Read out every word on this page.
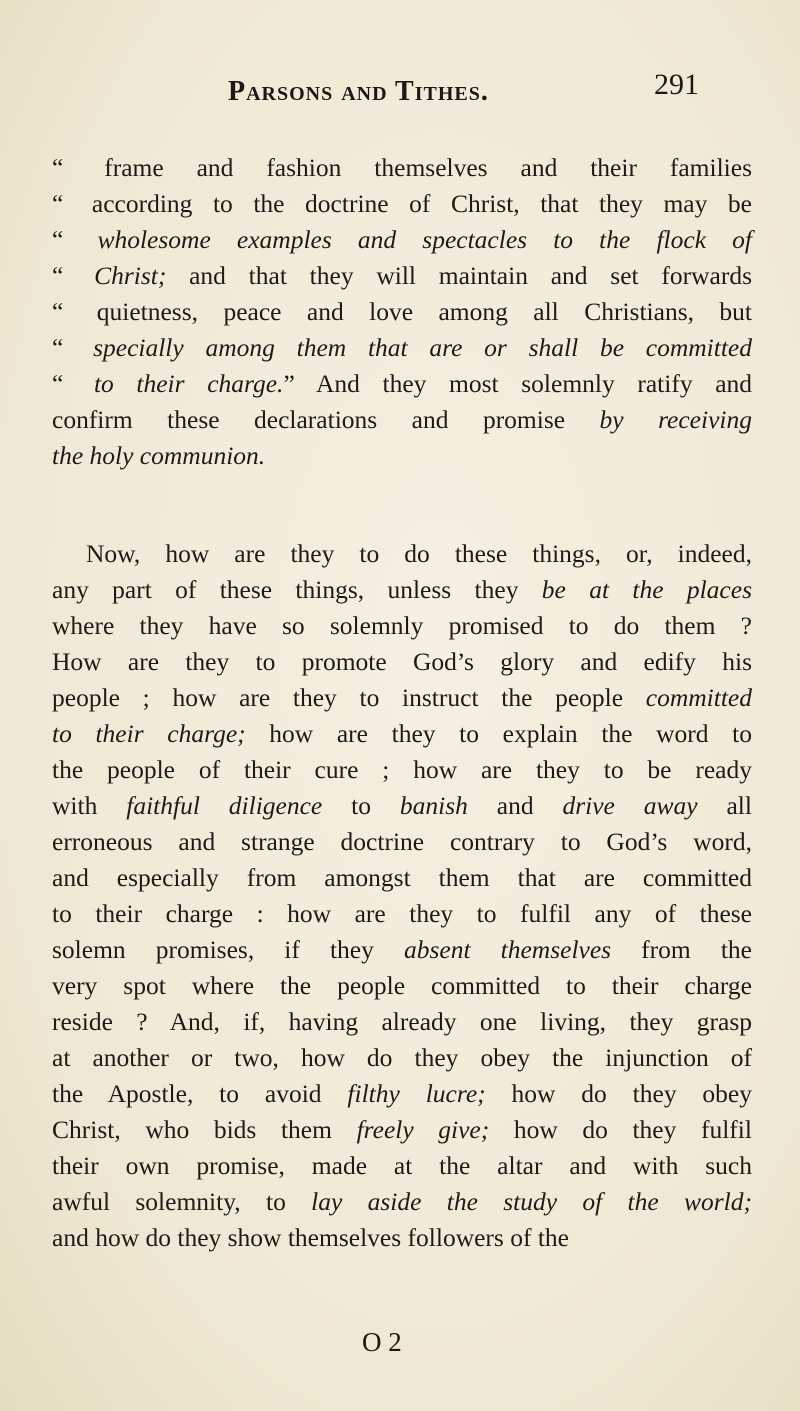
Parsons and Tithes.	291
“ frame and fashion themselves and their families
“ according to the doctrine of Christ, that they may be
“ wholesome examples and spectacles to the flock of
“ Christ; and that they will maintain and set forwards
“ quietness, peace and love among all Christians, but
“ specially among them that are or shall be committed
“ to their charge.” And they most solemnly ratify and
confirm these declarations and promise by receiving
the holy communion.
Now, how are they to do these things, or, indeed,
any part of these things, unless they be at the places
where they have so solemnly promised to do them ?
How are they to promote God’s glory and edify his
people ; how are they to instruct the people committed
to their charge; how are they to explain the word to
the people of their cure ; how are they to be ready
with faithful diligence to banish and drive away all
erroneous and strange doctrine contrary to God’s word,
and especially from amongst them that are committed
to their charge : how are they to fulfil any of these
solemn promises, if they absent themselves from the
very spot where the people committed to their charge
reside ? And, if, having already one living, they grasp
at another or two, how do they obey the injunction of
the Apostle, to avoid filthy lucre; how do they obey
Christ, who bids them freely give; how do they fulfil
their own promise, made at the altar and with such
awful solemnity, to lay aside the study of the world;
and how do they show themselves followers of the
O 2
